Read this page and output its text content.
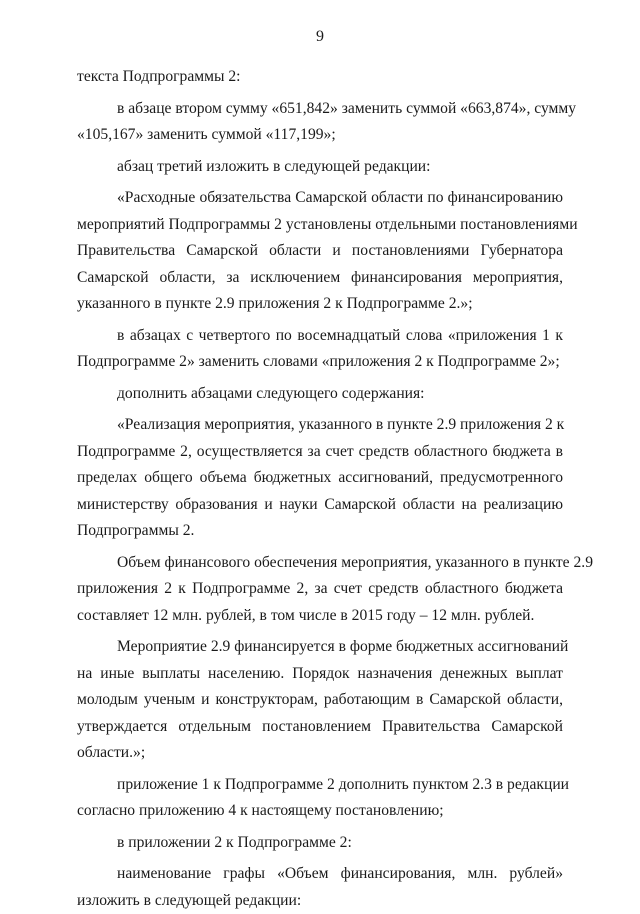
9
текста Подпрограммы 2:
в абзаце втором сумму «651,842» заменить суммой «663,874», сумму
«105,167» заменить суммой «117,199»;
абзац третий изложить в следующей редакции:
«Расходные обязательства Самарской области по финансированию
мероприятий Подпрограммы 2 установлены отдельными постановлениями
Правительства Самарской области и постановлениями Губернатора
Самарской области, за исключением финансирования мероприятия,
указанного в пункте 2.9 приложения 2 к Подпрограмме 2.»;
в абзацах с четвертого по восемнадцатый слова «приложения 1 к
Подпрограмме 2» заменить словами «приложения 2 к Подпрограмме 2»;
дополнить абзацами следующего содержания:
«Реализация мероприятия, указанного в пункте 2.9 приложения 2 к
Подпрограмме 2, осуществляется за счет средств областного бюджета в
пределах общего объема бюджетных ассигнований, предусмотренного
министерству образования и науки Самарской области на реализацию
Подпрограммы 2.
Объем финансового обеспечения мероприятия, указанного в пункте 2.9
приложения 2 к Подпрограмме 2, за счет средств областного бюджета
составляет 12 млн. рублей, в том числе в 2015 году – 12 млн. рублей.
Мероприятие 2.9 финансируется в форме бюджетных ассигнований
на иные выплаты населению. Порядок назначения денежных выплат
молодым ученым и конструкторам, работающим в Самарской области,
утверждается отдельным постановлением Правительства Самарской
области.»;
приложение 1 к Подпрограмме 2 дополнить пунктом 2.3 в редакции
согласно приложению 4 к настоящему постановлению;
в приложении 2 к Подпрограмме 2:
наименование графы «Объем финансирования, млн. рублей»
изложить в следующей редакции:
